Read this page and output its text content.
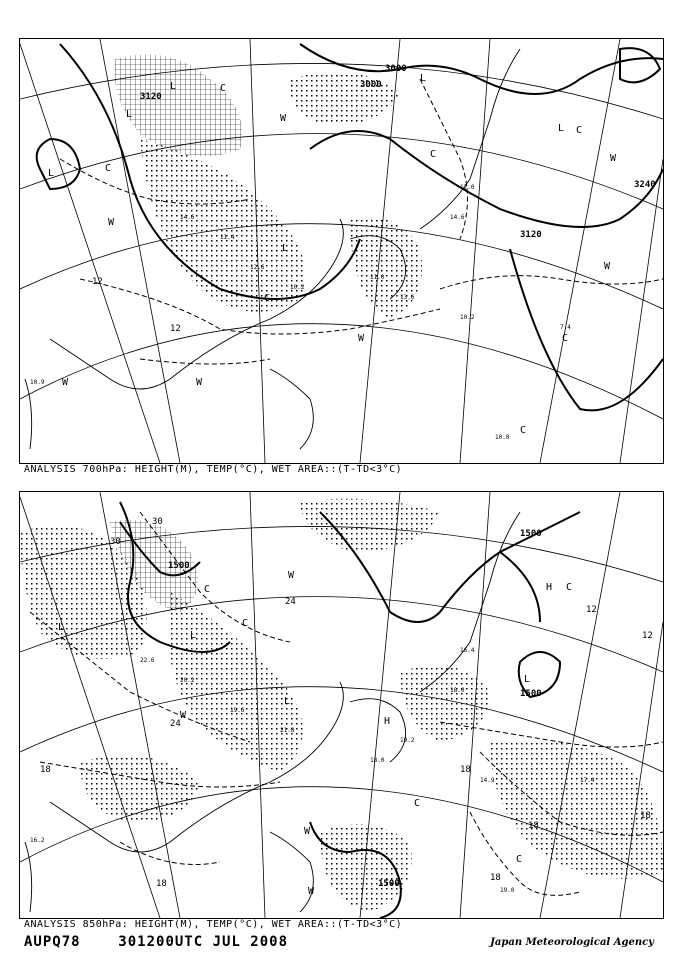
14.6
11.4
12.6
10.2
11.0
13.6
12.0
14.6
10.2
7.4
10.0
10.9
3000
3000
3120
3120
3240
12
12
L
L
L
L
L
L
C
C
C
C
C
C
C
W
W
W
W
W
W	W
ANALYSIS 700hPa: HEIGHT(M), TEMP(°C), WET AREA::(T-TD<3°C)
22.6
20.2
19.6
21.8
18.0
19.2
16.4
18.0
14.9	17.4
19.0
16.2
1500
1500
1500
1500
30
30
24
24
18	18
18
18
18
18
12
12
L
L
L
L
H
H
C
C
C
C
C
W
W
W
W
ANALYSIS 850hPa: HEIGHT(M), TEMP(°C), WET AREA::(T-TD<3°C)
AUPQ78	301200UTC JUL 2008	Japan Meteorological Agency
